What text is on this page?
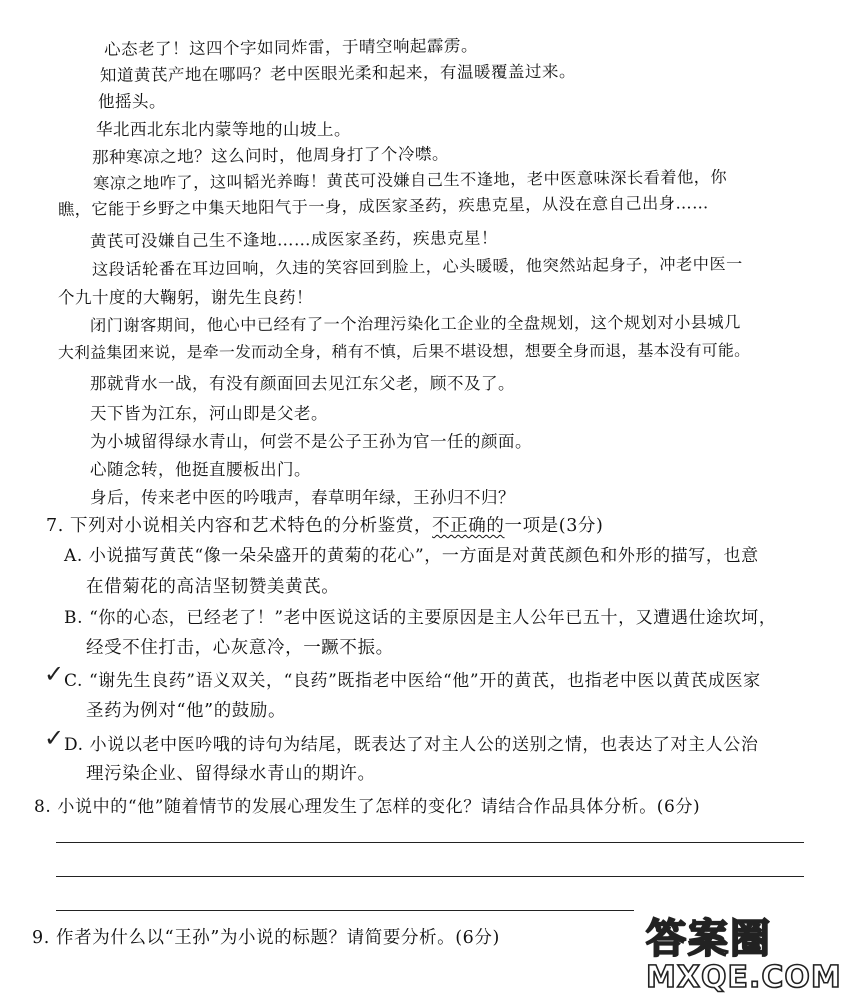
心态老了！这四个字如同炸雷，于晴空响起霹雳。
知道黄芪产地在哪吗？老中医眼光柔和起来，有温暖覆盖过来。
他摇头。
华北西北东北内蒙等地的山坡上。
那种寒凉之地？这么问时，他周身打了个冷噤。
寒凉之地咋了，这叫韬光养晦！黄芪可没嫌自己生不逢地，老中医意味深长看着他，你
瞧，它能于乡野之中集天地阳气于一身，成医家圣药，疾患克星，从没在意自己出身……
黄芪可没嫌自己生不逢地……成医家圣药，疾患克星！
这段话轮番在耳边回响，久违的笑容回到脸上，心头暖暖，他突然站起身子，冲老中医一
个九十度的大鞠躬，谢先生良药！
闭门谢客期间，他心中已经有了一个治理污染化工企业的全盘规划，这个规划对小县城几
大利益集团来说，是牵一发而动全身，稍有不慎，后果不堪设想，想要全身而退，基本没有可能。
那就背水一战，有没有颜面回去见江东父老，顾不及了。
天下皆为江东，河山即是父老。
为小城留得绿水青山，何尝不是公子王孙为官一任的颜面。
心随念转，他挺直腰板出门。
身后，传来老中医的吟哦声，春草明年绿，王孙归不归？
7. 下列对小说相关内容和艺术特色的分析鉴赏，不正确的一项是(3分)
A. 小说描写黄芪“像一朵朵盛开的黄菊的花心”，一方面是对黄芪颜色和外形的描写，也意
在借菊花的高洁坚韧赞美黄芪。
B. “你的心态，已经老了！”老中医说这话的主要原因是主人公年已五十，又遭遇仕途坎坷，
经受不住打击，心灰意冷，一蹶不振。
✓ C. “谢先生良药”语义双关，“良药”既指老中医给“他”开的黄芪，也指老中医以黄芪成医家
圣药为例对“他”的鼓励。
✓ D. 小说以老中医吟哦的诗句为结尾，既表达了对主人公的送别之情，也表达了对主人公治
理污染企业、留得绿水青山的期许。
8. 小说中的“他”随着情节的发展心理发生了怎样的变化？请结合作品具体分析。(6分)
9. 作者为什么以“王孙”为小说的标题？请简要分析。(6分)	答案圈
MXQE.COM
